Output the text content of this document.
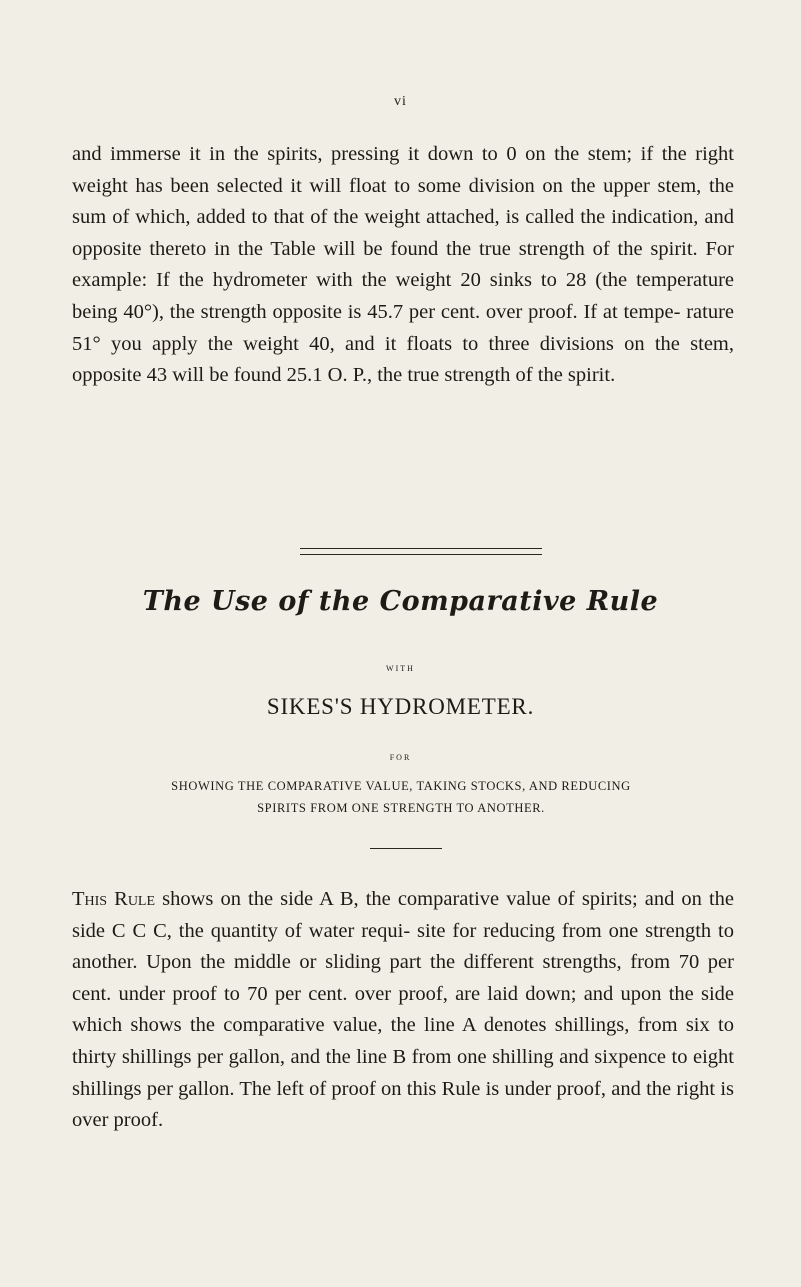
vi

and immerse it in the spirits, pressing it down to 0 on the stem; if the right weight has been selected it will float to some division on the upper stem, the sum of which, added to that of the weight attached, is called the indication, and opposite thereto in the Table will be found the true strength of the spirit. For example: If the hydrometer with the weight 20 sinks to 28 (the temperature being 40°), the strength opposite is 45.7 per cent. over proof. If at tempe- rature 51° you apply the weight 40, and it floats to three divisions on the stem, opposite 43 will be found 25.1 O. P., the true strength of the spirit.

The Use of the Comparative Rule
WITH
SIKES'S HYDROMETER.
FOR
SHOWING THE COMPARATIVE VALUE, TAKING STOCKS, AND REDUCING
SPIRITS FROM ONE STRENGTH TO ANOTHER.

This Rule shows on the side A B, the comparative value of spirits; and on the side C C C, the quantity of water requi- site for reducing from one strength to another. Upon the middle or sliding part the different strengths, from 70 per cent. under proof to 70 per cent. over proof, are laid down; and upon the side which shows the comparative value, the line A denotes shillings, from six to thirty shillings per gallon, and the line B from one shilling and sixpence to eight shillings per gallon. The left of proof on this Rule is under proof, and the right is over proof.
